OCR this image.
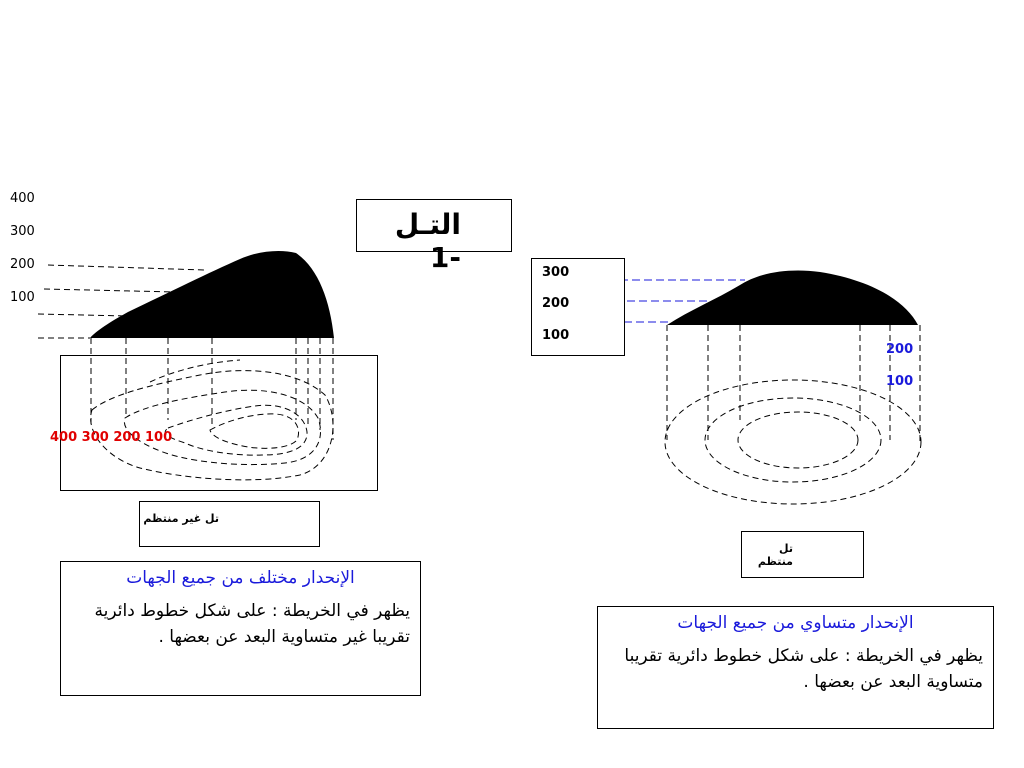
400
300
200
100
التـل -1
400 300 200 100
تل غير منتظم
300
200
100
200
100
تل منتظم
الإنحدار مختلف من جميع الجهات
يظهر في الخريطة : على شكل خطوط دائرية تقريبا غير متساوية البعد عن بعضها .
الإنحدار متساوي من جميع الجهات
يظهر في الخريطة : على شكل خطوط دائرية تقريبا متساوية البعد عن بعضها .
